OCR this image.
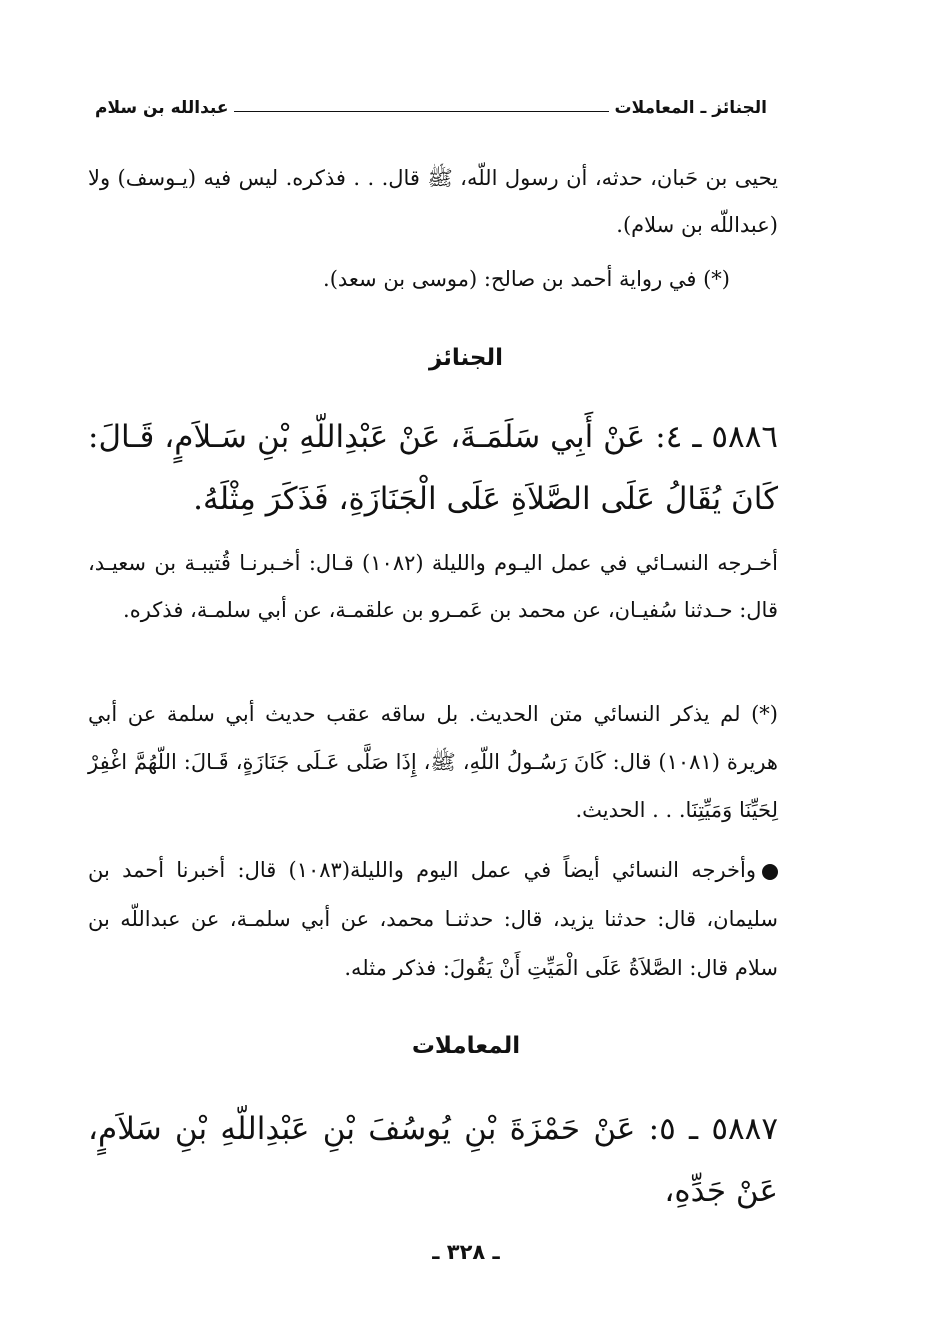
الجنائز ـ المعاملات
عبدالله بن سلام
يحيى بن حَبان، حدثه، أن رسول اللّه، ﷺ قال. . . فذكره. ليس فيه (يـوسف) ولا (عبداللّه بن سلام).
(*) في رواية أحمد بن صالح: (موسى بن سعد).
الجنائز
٥٨٨٦ ـ ٤: عَنْ أَبِي سَلَمَـةَ، عَنْ عَبْدِاللّهِ بْنِ سَـلاَمٍ، قَـالَ: كَانَ يُقَالُ عَلَى الصَّلاَةِ عَلَى الْجَنَازَةِ، فَذَكَرَ مِثْلَهُ.
أخـرجه النسـائي في عمل اليـوم والليلة (١٠٨٢) قـال: أخـبرنـا قُتيبـة بن سعيـد، قال: حـدثنا سُفيـان، عن محمد بن عَمـرو بن علقمـة، عن أبي سلمـة، فذكره.
(*) لم يذكر النسائي متن الحديث. بل ساقه عقب حديث أبي سلمة عن أبي هريرة (١٠٨١) قال: كَانَ رَسُـولُ اللّهِ، ﷺ، إِذَا صَلَّى عَـلَى جَنَازَةٍ، قَـالَ: اللّهُمَّ اغْفِرْ لِحَيِّنَا وَمَيِّتِنَا. . . الحديث.
وأخرجه النسائي أيضاً في عمل اليوم والليلة(١٠٨٣) قال: أخبرنا أحمد بن سليمان، قال: حدثنا يزيد، قال: حدثنـا محمد، عن أبي سلمـة، عن عبداللّه بن سلام قال: الصَّلاَةُ عَلَى الْمَيِّتِ أَنْ يَقُولَ: فذكر مثله.
المعاملات
٥٨٨٧ ـ ٥: عَنْ حَمْزَةَ بْنِ يُوسُفَ بْنِ عَبْدِاللّهِ بْنِ سَلاَمٍ، عَنْ جَدِّهِ،
ـ ٣٢٨ ـ
